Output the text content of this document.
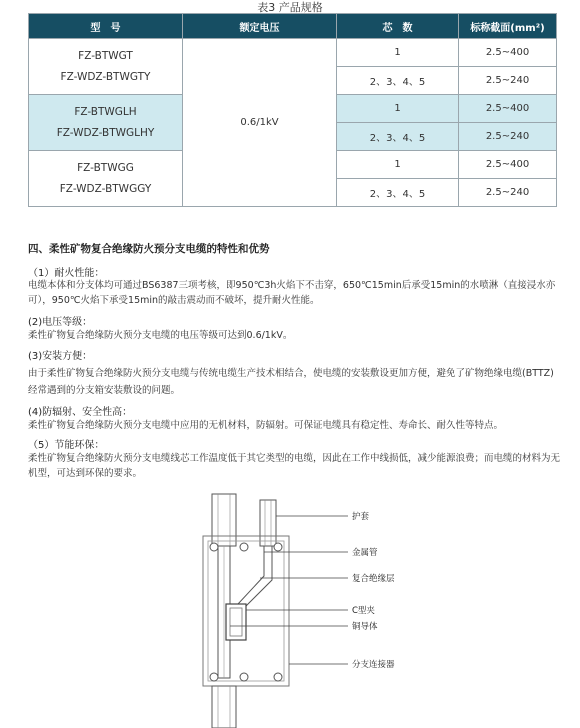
表3 产品规格
型　号	额定电压	芯　数	标称截面(mm²)

FZ-BTWGT
FZ-WDZ-BTWGTY	0.6/1kV	1	2.5~400
		2、3、4、5	2.5~240

FZ-BTWGLH
FZ-WDZ-BTWGLHY		1	2.5~400
		2、3、4、5	2.5~240

FZ-BTWGG
FZ-WDZ-BTWGGY		1	2.5~400
		2、3、4、5	2.5~240
四、柔性矿物复合绝缘防火预分支电缆的特性和优势
（1）耐火性能：
电缆本体和分支体均可通过BS6387三项考核，即950℃3h火焰下不击穿，650℃15min后承受15min的水喷淋（直接浸水亦可），950℃火焰下承受15min的敲击震动而不破坏，提升耐火性能。
(2)电压等级：
柔性矿物复合绝缘防火预分支电缆的电压等级可达到0.6/1kV。
(3)安装方便：
由于柔性矿物复合绝缘防火预分支电缆与传统电缆生产技术相结合，使电缆的安装敷设更加方便，避免了矿物绝缘电缆(BTTZ)经常遇到的分支箱安装敷设的问题。
(4)防辐射、安全性高：
柔性矿物复合绝缘防火预分支电缆中应用的无机材料，防辐射。可保证电缆具有稳定性、寿命长、耐久性等特点。
（5）节能环保：
柔性矿物复合绝缘防火预分支电缆线芯工作温度低于其它类型的电缆，因此在工作中线损低，减少能源浪费；而电缆的材料为无机型，可达到环保的要求。
护套
金属管
复合绝缘层
C型夹
铜导体
分支连接器
